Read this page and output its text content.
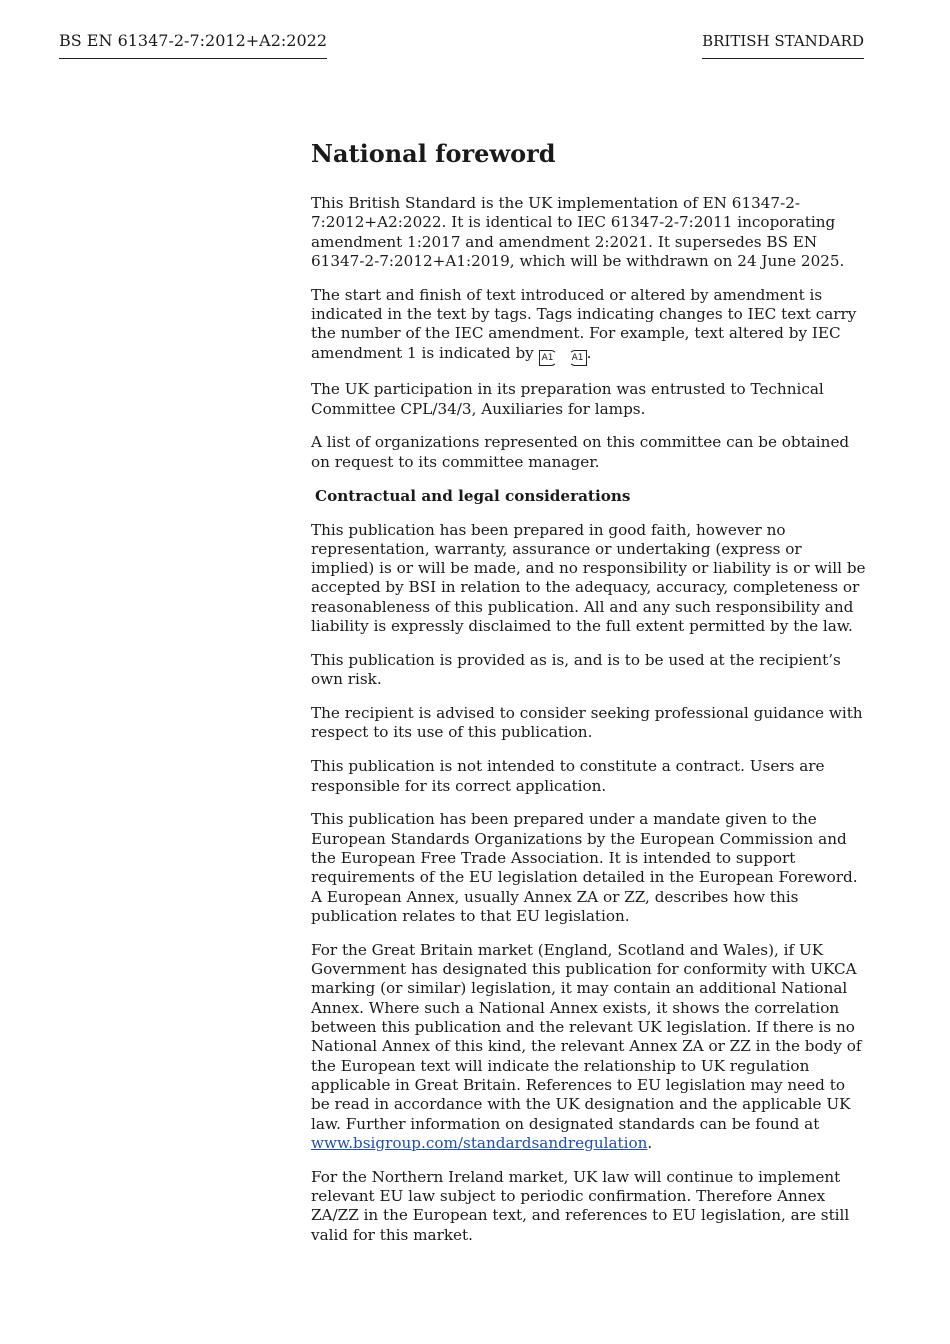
BS EN 61347-2-7:2012+A2:2022	BRITISH STANDARD
National foreword

This British Standard is the UK implementation of EN 61347-2-7:2012+A2:2022. It is identical to IEC 61347-2-7:2011 incoporating amendment 1:2017 and amendment 2:2021. It supersedes BS EN 61347-2-7:2012+A1:2019, which will be withdrawn on 24 June 2025.

The start and finish of text introduced or altered by amendment is indicated in the text by tags. Tags indicating changes to IEC text carry the number of the IEC amendment. For example, text altered by IEC amendment 1 is indicated by A1 A1 .

The UK participation in its preparation was entrusted to Technical Committee CPL/34/3, Auxiliaries for lamps.

A list of organizations represented on this committee can be obtained on request to its committee manager.

Contractual and legal considerations

This publication has been prepared in good faith, however no representation, warranty, assurance or undertaking (express or implied) is or will be made, and no responsibility or liability is or will be accepted by BSI in relation to the adequacy, accuracy, completeness or reasonableness of this publication. All and any such responsibility and liability is expressly disclaimed to the full extent permitted by the law.

This publication is provided as is, and is to be used at the recipient’s own risk.

The recipient is advised to consider seeking professional guidance with respect to its use of this publication.

This publication is not intended to constitute a contract. Users are responsible for its correct application.

This publication has been prepared under a mandate given to the European Standards Organizations by the European Commission and the European Free Trade Association. It is intended to support requirements of the EU legislation detailed in the European Foreword. A European Annex, usually Annex ZA or ZZ, describes how this publication relates to that EU legislation.

For the Great Britain market (England, Scotland and Wales), if UK Government has designated this publication for conformity with UKCA marking (or similar) legislation, it may contain an additional National Annex. Where such a National Annex exists, it shows the correlation between this publication and the relevant UK legislation. If there is no National Annex of this kind, the relevant Annex ZA or ZZ in the body of the European text will indicate the relationship to UK regulation applicable in Great Britain. References to EU legislation may need to be read in accordance with the UK designation and the applicable UK law. Further information on designated standards can be found at www.bsigroup.com/standardsandregulation.

For the Northern Ireland market, UK law will continue to implement relevant EU law subject to periodic confirmation. Therefore Annex ZA/ZZ in the European text, and references to EU legislation, are still valid for this market.
